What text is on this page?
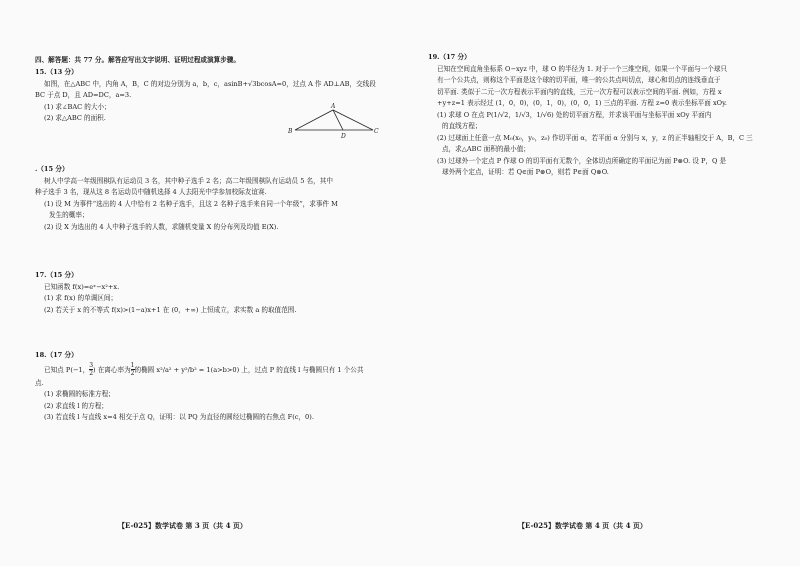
四、解答题：共 77 分。解答应写出文字说明、证明过程或演算步骤。

15.（13 分）

如图，在△ABC 中，内角 A，B，C 的对边分别为 a，b，c，asinB+√3bcosA=0，过点 A 作 AD⊥AB，交线段

BC 于点 D，且 AD=DC，a=3.

(1) 求∠BAC 的大小；

(2) 求△ABC 的面积.

A
B
D
C

.（15 分）

树人中学高一年级围棋队有运动员 3 名，其中种子选手 2 名；高二年级围棋队有运动员 5 名，其中

种子选手 3 名，现从这 8 名运动员中随机选择 4 人去阳光中学参加校际友谊赛.

(1) 设 M 为事件“选出的 4 人中恰有 2 名种子选手，且这 2 名种子选手来自同一个年级”，求事件 M

发生的概率；

(2) 设 X 为选出的 4 人中种子选手的人数，求随机变量 X 的分布列及均值 E(X).

17.（15 分）

已知函数 f(x)=eˣ−x²+x.

(1) 求 f(x) 的单调区间；

(2) 若关于 x 的不等式 f(x)>(1−a)x+1 在 (0，+∞) 上恒成立，求实数 a 的取值范围.

18.（17 分）

已知点 P(−1， $\frac{3}{2}$ ) 在离心率为 $\frac{1}{2}$ 的椭圆 x²/a² + y²/b² = 1(a>b>0) 上，过点 P 的直线 l 与椭圆只有 1 个公共

点.

(1) 求椭圆的标准方程；

(2) 求直线 l 的方程；

(3) 若直线 l 与直线 x=4 相交于点 Q，证明：以 PQ 为直径的圆经过椭圆的右焦点 F(c，0).

【E-025】数学试卷 第 3 页（共 4 页）

19.（17 分）

已知在空间直角坐标系 O−xyz 中，球 O 的半径为 1. 对于一个三维空间，如果一个平面与一个球只

有一个公共点，则称这个平面是这个球的切平面，唯一的公共点叫切点，球心和切点的连线垂直于

切平面. 类似于二元一次方程表示平面内的直线，三元一次方程可以表示空间的平面. 例如，方程 x

+y+z=1 表示经过 (1，0，0)，(0，1，0)，(0，0，1) 三点的平面. 方程 z=0 表示坐标平面 xOy.

(1) 求球 O 在点 P(1/√2，1/√3，1/√6) 处的切平面方程，并求该平面与坐标平面 xOy 平面内

的直线方程；

(2) 过球面上任意一点 M₀(x₀，y₀，z₀) 作切平面 α，若平面 α 分别与 x，y，z 的正半轴相交于 A，B，C 三

点，求△ABC 面积的最小值；

(3) 过球外一个定点 P 作球 O 的切平面有无数个，全体切点所确定的平面记为面 P⊗O. 设 P，Q 是

球外两个定点，证明：若 Q∈面 P⊗O，则若 P∈面 Q⊗O.

【E-025】数学试卷 第 4 页（共 4 页）
